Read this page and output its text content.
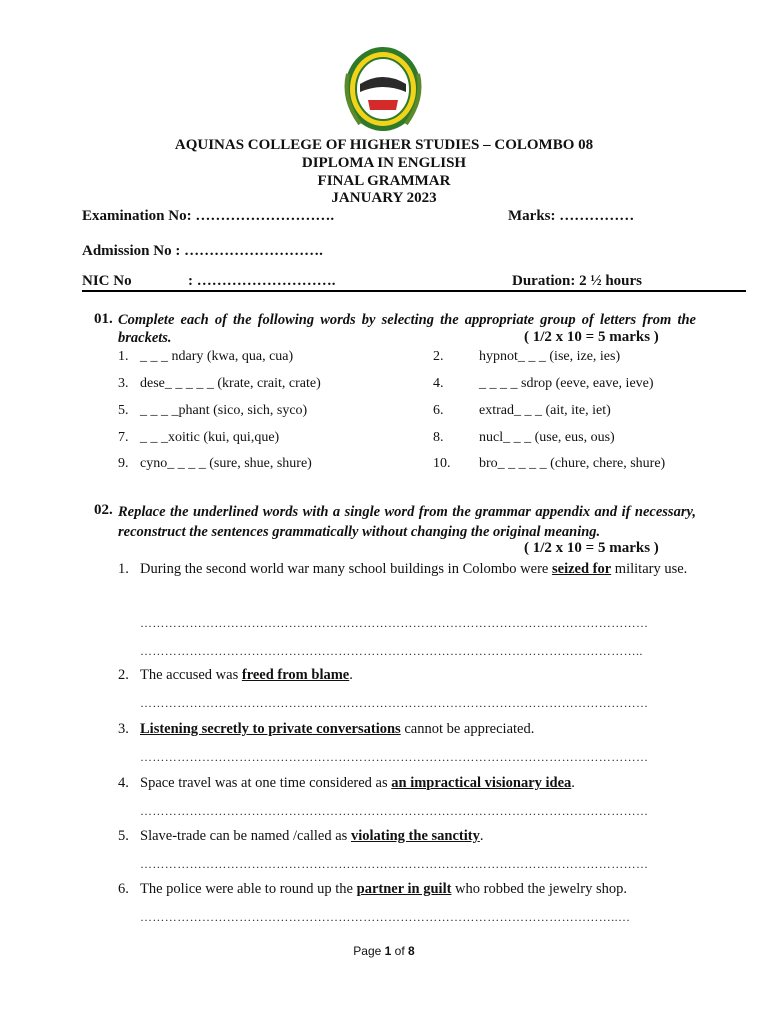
AQUINAS COLLEGE OF HIGHER STUDIES – COLOMBO 08
DIPLOMA IN ENGLISH
FINAL GRAMMAR
JANUARY 2023
Examination No: ……………………….	Marks: ……………
Admission No : ……………………….
NIC No	: ……………………….	Duration: 2 ½ hours
01. Complete each of the following words by selecting the appropriate group of letters from the brackets.	( 1/2 x 10 = 5 marks )
1. _ _ _ ndary (kwa, qua, cua)	2.	hypnot_ _ _ (ise, ize, ies)
3. dese_ _ _ _ _ (krate, crait, crate)	4.	_ _ _ _ sdrop (eeve, eave, ieve)
5. _ _ _ _phant (sico, sich, syco)	6.	extrad_ _ _ (ait, ite, iet)
7. _ _ _xoitic (kui, qui,que)	8.	nucl_ _ _ (use, eus, ous)
9. cyno_ _ _ _ (sure, shue, shure)	10. bro_ _ _ _ _ (chure, chere, shure)
02. Replace the underlined words with a single word from the grammar appendix and if necessary, reconstruct the sentences grammatically without changing the original meaning.
( 1/2 x 10 = 5 marks )
1. During the second world war many school buildings in Colombo were seized for military use.
……………………………………………………………………………………………………………
…………………………………………………………………………………………………………..
2. The accused was freed from blame.
……………………………………………………………………………………………………………
3. Listening secretly to private conversations cannot be appreciated.
……………………………………………………………………………………………………………
4. Space travel was at one time considered as an impractical visionary idea.
……………………………………………………………………………………………………………
5. Slave-trade can be named /called as violating the sanctity.
……………………………………………………………………………………………………………
6. The police were able to round up the partner in guilt who robbed the jewelry shop.
……………………………………………………………………………………………………..…
Page 1 of 8
